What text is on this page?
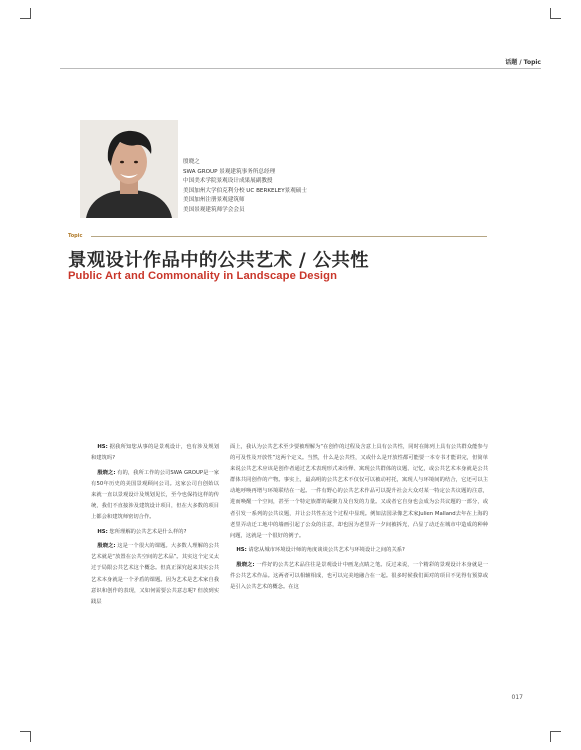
话题 / Topic
殷晓之
SWA GROUP 景观建筑事务所总经理
中国美术学院景观设计成果展副教授
美国加州大学伯克利分校 UC BERKELEY景观硕士
美国加州注册景观建筑师
美国景观建筑师学会会员
Topic
景观设计作品中的公共艺术 / 公共性
Public Art and Commonality in Landscape Design

HS: 据我所知您从事的是景观设计，也有涉及规划和建筑吗?

殷晓之: 有的，我所工作的公司SWA GROUP是一家有50年历史的美国景观顾问公司。这家公司自创始以来就一直以景观设计及规划见长，至今也保持这样的传统，我们不直接涉及建筑设计项目，但在大多数的项目上都会和建筑师密切合作。

HS: 您所理解的公共艺术是什么样的?

殷晓之: 这是一个很大的课题。大多数人理解的公共艺术就是“放置在公共空间的艺术品”。其实这个定义太过于局限公共艺术这个概念。但真正深究起来其实公共艺术本身就是一个矛盾的课题。因为艺术是艺术家自我意识和创作的表现，又如何需要公共意志呢? 但放到实践层

面上，我认为公共艺术至少要被理解为“在创作的过程及含意上具有公共性，同时在陈列上具有公共群众能参与的可及性及开放性”这两个定义。当然，什么是公共性，又或什么是开放性都可能要一本专书才能讲完，但简单来说公共艺术应该是创作者通过艺术表现形式来诠释、寓现公共群体的议题、记忆，或公共艺术本身就是公共群体共同创作的产物。事实上，最高明的公共艺术不仅仅可以被动衬托，寓现人与环境间的结合，它还可以主动地呼唤再增与环境联结在一起。一件有野心的公共艺术作品可以提升社会大众对某一特定公共议题的注意，进而唤醒一个空间，甚至一个特定族群的凝聚力及自发的力量。又或者它自身也会成为公共议题的一部分，或者引发一系列的公共议题，并让公共性在这个过程中显现。例如法国录像艺术家Julien Malland去年在上海的老里弄动迁工地中的墙画引起了公众的注意，却也因为老里弄一夕间被拆光，凸显了动迁在城市中造成的种种问题，这就是一个很好的例子。

HS: 请您从城市环境设计师的角度谈谈公共艺术与环境设计之间的关系?

殷晓之: 一件好的公共艺术品往往是景观设计中画龙点睛之笔。反过来说，一个精彩的景观设计本身就是一件公共艺术作品。这两者可以相辅相成，也可以完美地融合在一起。很多时候我们面对的项目不见得有预算或是引入公共艺术的概念。在这

017
